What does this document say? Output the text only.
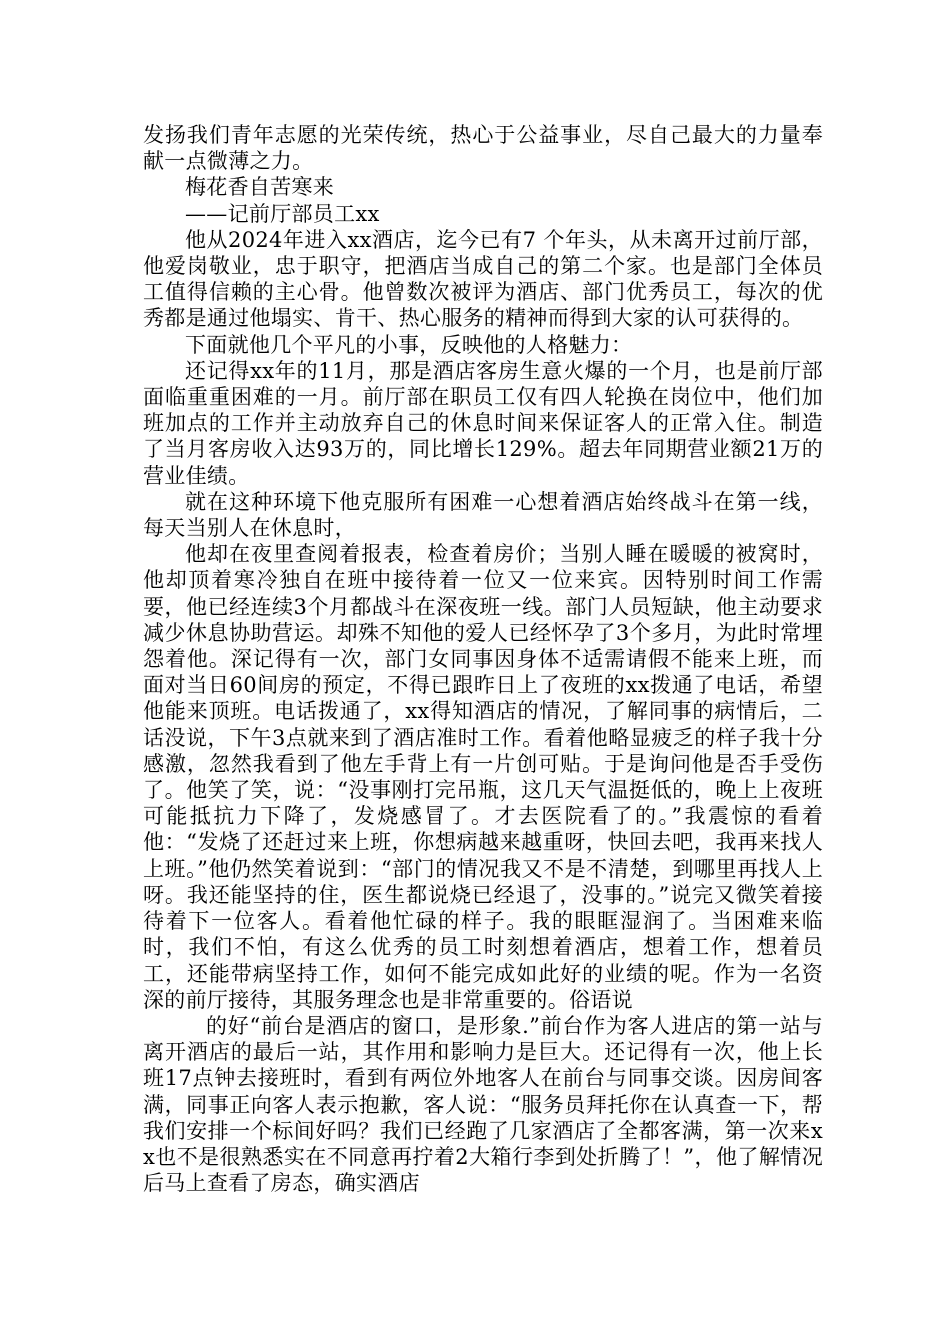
发扬我们青年志愿的光荣传统，热心于公益事业，尽自己最大的力量奉献一点微薄之力。

梅花香自苦寒来

——记前厅部员工xx

他从2024年进入xx酒店，迄今已有7 个年头，从未离开过前厅部，他爱岗敬业，忠于职守，把酒店当成自己的第二个家。也是部门全体员工值得信赖的主心骨。他曾数次被评为酒店、部门优秀员工，每次的优秀都是通过他塌实、肯干、热心服务的精神而得到大家的认可获得的。

下面就他几个平凡的小事，反映他的人格魅力：

还记得xx年的11月，那是酒店客房生意火爆的一个月，也是前厅部面临重重困难的一月。前厅部在职员工仅有四人轮换在岗位中，他们加班加点的工作并主动放弃自己的休息时间来保证客人的正常入住。制造了当月客房收入达93万的，同比增长129%。超去年同期营业额21万的营业佳绩。

就在这种环境下他克服所有困难一心想着酒店始终战斗在第一线，每天当别人在休息时，

他却在夜里查阅着报表，检查着房价；当别人睡在暖暖的被窝时，他却顶着寒冷独自在班中接待着一位又一位来宾。因特别时间工作需要，他已经连续3个月都战斗在深夜班一线。部门人员短缺，他主动要求减少休息协助营运。却殊不知他的爱人已经怀孕了3个多月，为此时常埋怨着他。深记得有一次，部门女同事因身体不适需请假不能来上班，而面对当日60间房的预定，不得已跟昨日上了夜班的xx拨通了电话，希望他能来顶班。电话拨通了，xx得知酒店的情况，了解同事的病情后，二话没说，下午3点就来到了酒店准时工作。看着他略显疲乏的样子我十分感激，忽然我看到了他左手背上有一片创可贴。于是询问他是否手受伤了。他笑了笑，说：“没事刚打完吊瓶，这几天气温挺低的，晚上上夜班可能抵抗力下降了，发烧感冒了。才去医院看了的。”我震惊的看着他：“发烧了还赶过来上班，你想病越来越重呀，快回去吧，我再来找人上班。”他仍然笑着说到：“部门的情况我又不是不清楚，到哪里再找人上呀。我还能坚持的住，医生都说烧已经退了，没事的。”说完又微笑着接待着下一位客人。看着他忙碌的样子。我的眼眶湿润了。当困难来临时，我们不怕，有这么优秀的员工时刻想着酒店，想着工作，想着员工，还能带病坚持工作，如何不能完成如此好的业绩的呢。作为一名资深的前厅接待，其服务理念也是非常重要的。俗语说

的好“前台是酒店的窗口，是形象.”前台作为客人进店的第一站与离开酒店的最后一站，其作用和影响力是巨大。还记得有一次，他上长班17点钟去接班时，看到有两位外地客人在前台与同事交谈。因房间客满，同事正向客人表示抱歉，客人说：“服务员拜托你在认真查一下，帮我们安排一个标间好吗？我们已经跑了几家酒店了全都客满，第一次来xx也不是很熟悉实在不同意再拧着2大箱行李到处折腾了！”，他了解情况后马上查看了房态，确实酒店
